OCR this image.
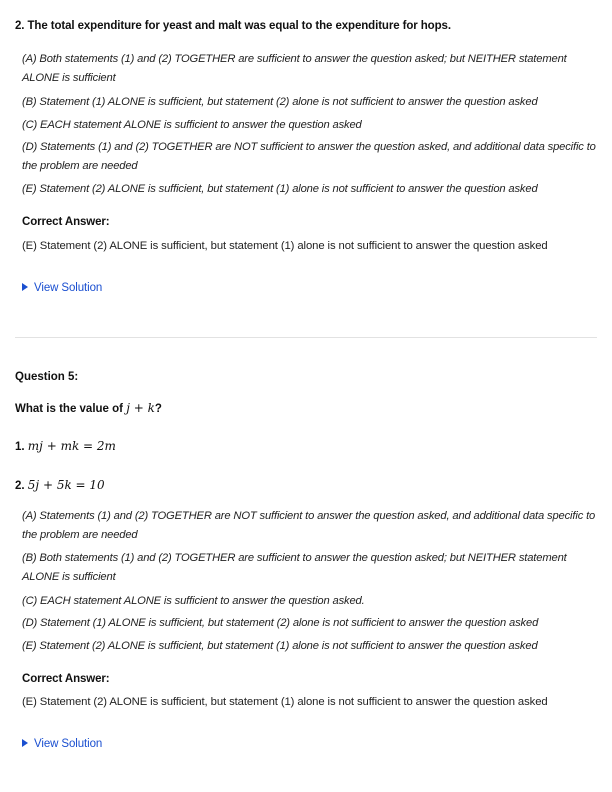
2. The total expenditure for yeast and malt was equal to the expenditure for hops.
(A) Both statements (1) and (2) TOGETHER are sufficient to answer the question asked; but NEITHER statement ALONE is sufficient
(B) Statement (1) ALONE is sufficient, but statement (2) alone is not sufficient to answer the question asked
(C) EACH statement ALONE is sufficient to answer the question asked
(D) Statements (1) and (2) TOGETHER are NOT sufficient to answer the question asked, and additional data specific to the problem are needed
(E) Statement (2) ALONE is sufficient, but statement (1) alone is not sufficient to answer the question asked
Correct Answer:
(E) Statement (2) ALONE is sufficient, but statement (1) alone is not sufficient to answer the question asked
View Solution
Question 5:
What is the value of j + k?
1. mj + mk = 2m
2. 5j + 5k = 10
(A) Statements (1) and (2) TOGETHER are NOT sufficient to answer the question asked, and additional data specific to the problem are needed
(B) Both statements (1) and (2) TOGETHER are sufficient to answer the question asked; but NEITHER statement ALONE is sufficient
(C) EACH statement ALONE is sufficient to answer the question asked.
(D) Statement (1) ALONE is sufficient, but statement (2) alone is not sufficient to answer the question asked
(E) Statement (2) ALONE is sufficient, but statement (1) alone is not sufficient to answer the question asked
Correct Answer:
(E) Statement (2) ALONE is sufficient, but statement (1) alone is not sufficient to answer the question asked
View Solution
